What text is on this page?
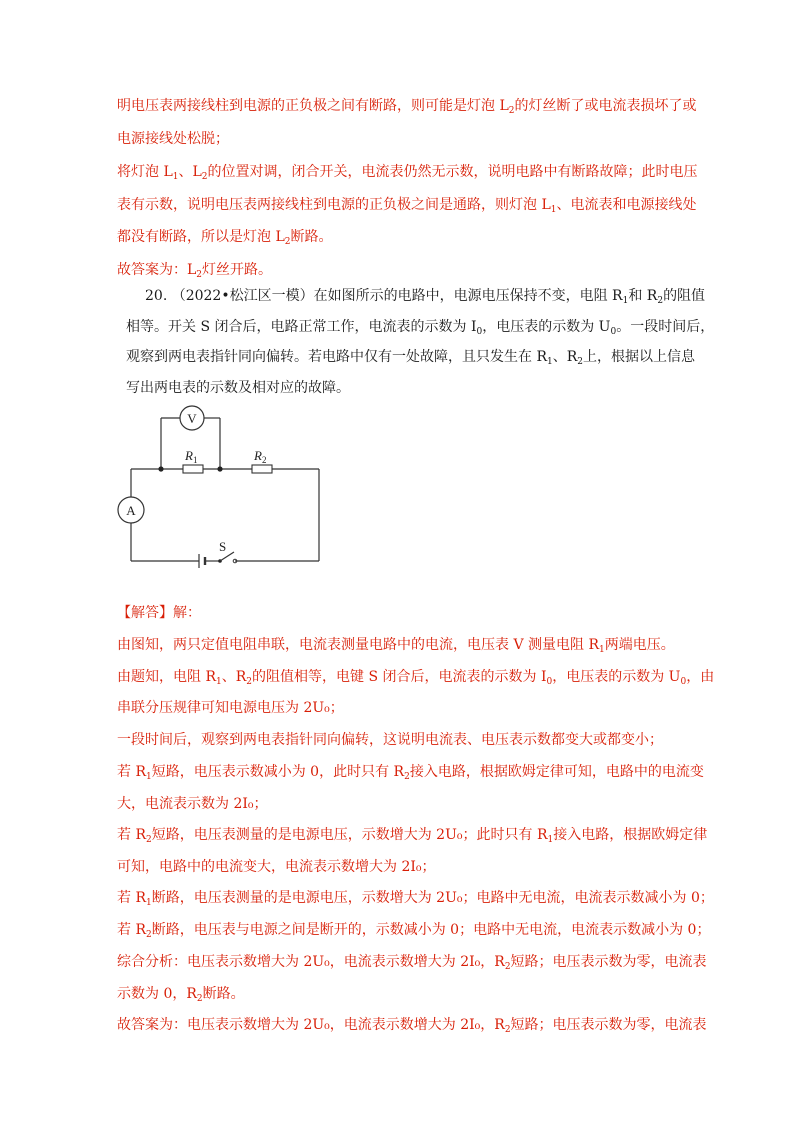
明电压表两接线柱到电源的正负极之间有断路，则可能是灯泡 $L_2$的灯丝断了或电流表损坏了或
电源接线处松脱；
将灯泡 $L_1$、$L_2$的位置对调，闭合开关，电流表仍然无示数，说明电路中有断路故障；此时电压
表有示数，说明电压表两接线柱到电源的正负极之间是通路，则灯泡 $L_1$、电流表和电源接线处
都没有断路，所以是灯泡 $L_2$断路。
故答案为：$L_2$灯丝开路。
20. （2022•松江区一模）在如图所示的电路中，电源电压保持不变，电阻 $R_1$和 $R_2$的阻值
相等。开关 S 闭合后，电路正常工作，电流表的示数为 $I_0$，电压表的示数为 $U_0$。一段时间后，
观察到两电表指针同向偏转。若电路中仅有一处故障，且只发生在 $R_1$、$R_2$上，根据以上信息
写出两电表的示数及相对应的故障。
V
A
$R_1$	$R_2$
S
【解答】解：
由图知，两只定值电阻串联，电流表测量电路中的电流，电压表 V 测量电阻 $R_1$两端电压。
由题知，电阻 $R_1$、$R_2$的阻值相等，电键 S 闭合后，电流表的示数为 $I_0$，电压表的示数为 $U_0$，由
串联分压规律可知电源电压为 2U₀；
一段时间后，观察到两电表指针同向偏转，这说明电流表、电压表示数都变大或都变小；
若 $R_1$短路，电压表示数减小为 0，此时只有 $R_2$接入电路，根据欧姆定律可知，电路中的电流变
大，电流表示数为 2I₀；
若 $R_2$短路，电压表测量的是电源电压，示数增大为 2U₀；此时只有 $R_1$接入电路，根据欧姆定律
可知，电路中的电流变大，电流表示数增大为 2I₀；
若 $R_1$断路，电压表测量的是电源电压，示数增大为 2U₀；电路中无电流，电流表示数减小为 0；
若 $R_2$断路，电压表与电源之间是断开的，示数减小为 0；电路中无电流，电流表示数减小为 0；
综合分析：电压表示数增大为 2U₀，电流表示数增大为 2I₀，$R_2$短路；电压表示数为零，电流表
示数为 0，$R_2$断路。
故答案为：电压表示数增大为 2U₀，电流表示数增大为 2I₀，$R_2$短路；电压表示数为零，电流表
